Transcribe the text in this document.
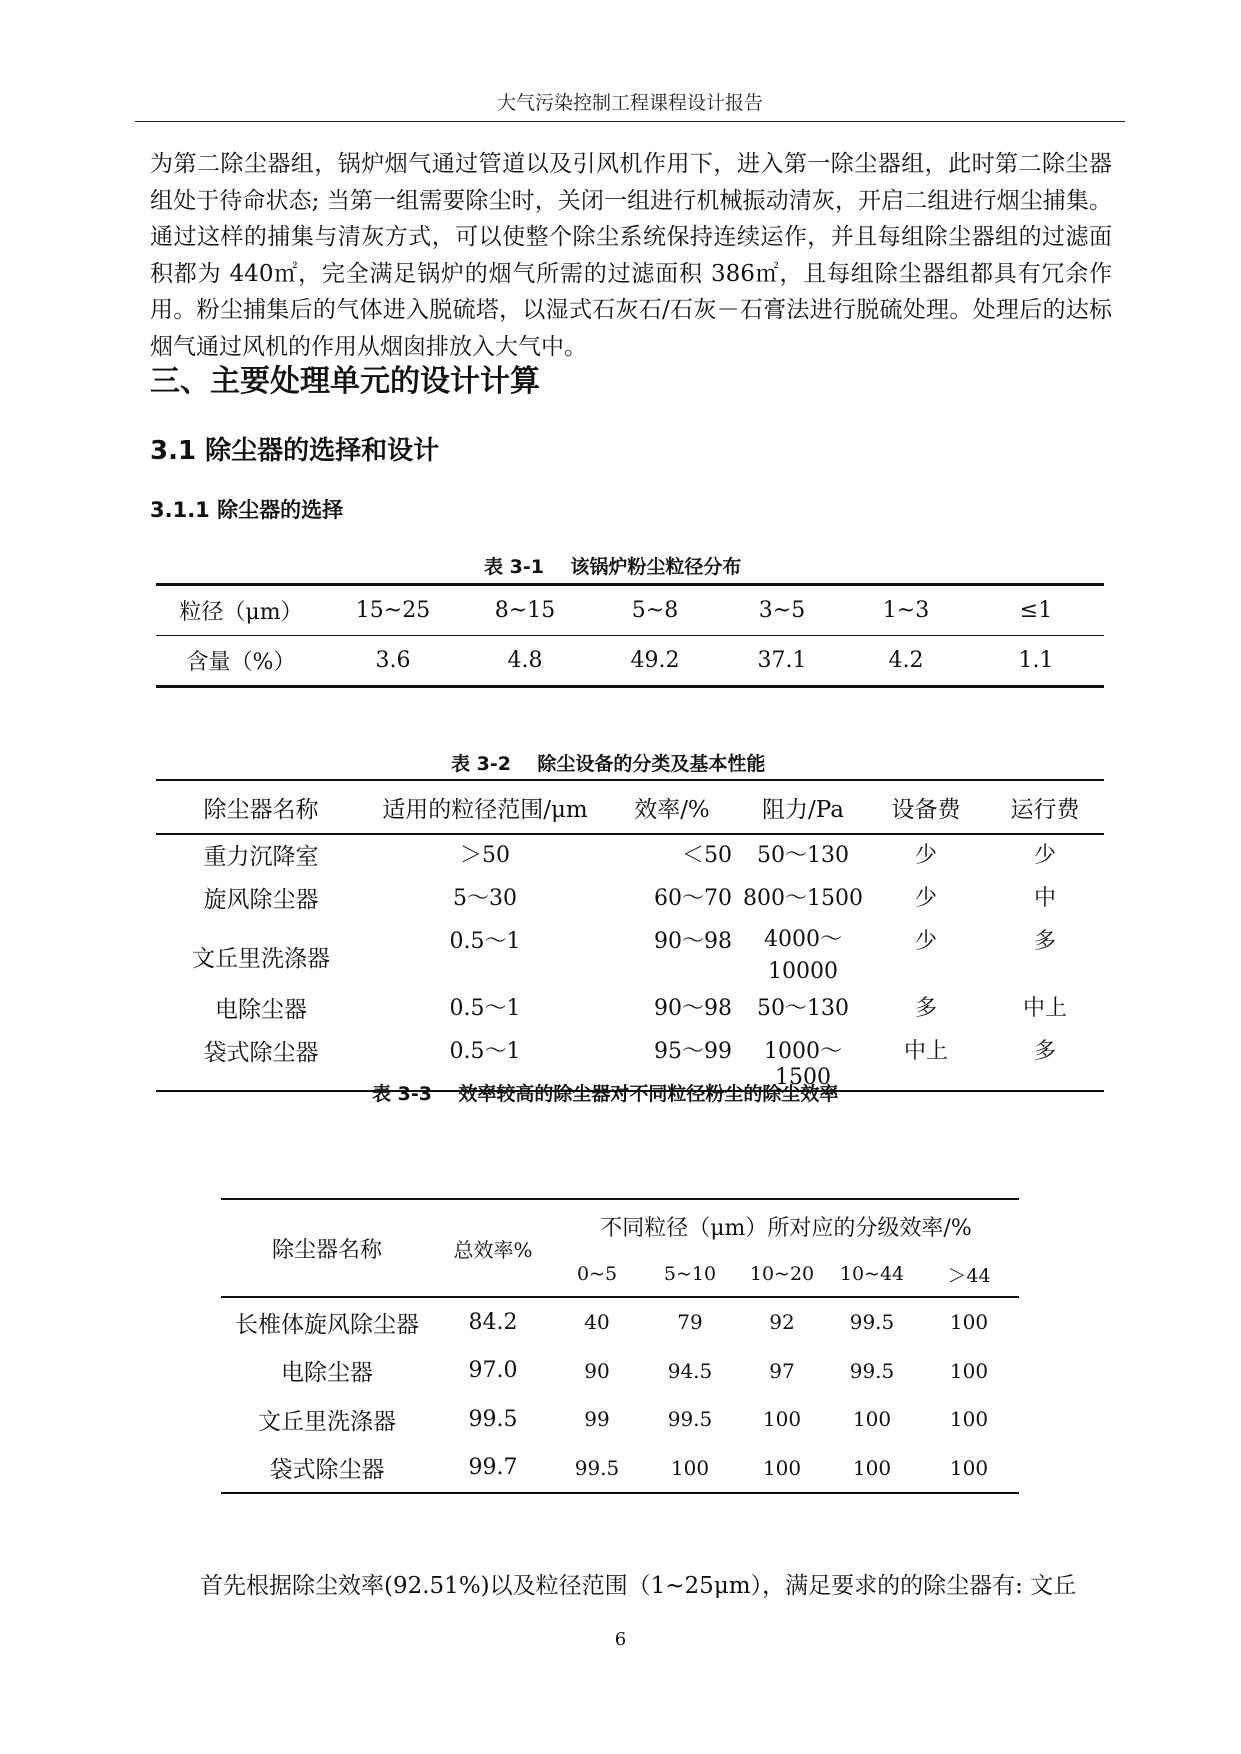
大气污染控制工程课程设计报告

为第二除尘器组，锅炉烟气通过管道以及引风机作用下，进入第一除尘器组，此时第二除尘器组处于待命状态; 当第一组需要除尘时，关闭一组进行机械振动清灰，开启二组进行烟尘捕集。通过这样的捕集与清灰方式，可以使整个除尘系统保持连续运作，并且每组除尘器组的过滤面积都为 440㎡，完全满足锅炉的烟气所需的过滤面积 386㎡，且每组除尘器组都具有冗余作用。粉尘捕集后的气体进入脱硫塔，以湿式石灰石/石灰－石膏法进行脱硫处理。处理后的达标烟气通过风机的作用从烟囱排放入大气中。

三、主要处理单元的设计计算
3.1 除尘器的选择和设计
3.1.1 除尘器的选择
表 3-1    该锅炉粉尘粒径分布
粒径（μm）	15~25	8~15	5~8	3~5	1~3	≤1
含量（%）	3.6	4.8	49.2	37.1	4.2	1.1
表 3-2    除尘设备的分类及基本性能
除尘器名称	适用的粒径范围/μm	效率/%	阻力/Pa	设备费	运行费
重力沉降室	＞50	＜50	50～130	少	少
旋风除尘器	5～30	60～70	800～1500	少	中
文丘里洗涤器	0.5～1	90～98	4000～
10000	少	多
电除尘器	0.5～1	90～98	50～130	多	中上
袋式除尘器	0.5～1	95～99	1000～1500	中上	多
表 3-3    效率较高的除尘器对不同粒径粉尘的除尘效率
除尘器名称	总效率%	不同粒径（μm）所对应的分级效率/%				
		0~5	5~10	10~20	10~44	＞44
长椎体旋风除尘器	84.2	40	79	92	99.5	100
电除尘器	97.0	90	94.5	97	99.5	100
文丘里洗涤器	99.5	99	99.5	100	100	100
袋式除尘器	99.7	99.5	100	100	100	100

首先根据除尘效率(92.51%)以及粒径范围（1~25μm），满足要求的的除尘器有: 文丘

6
